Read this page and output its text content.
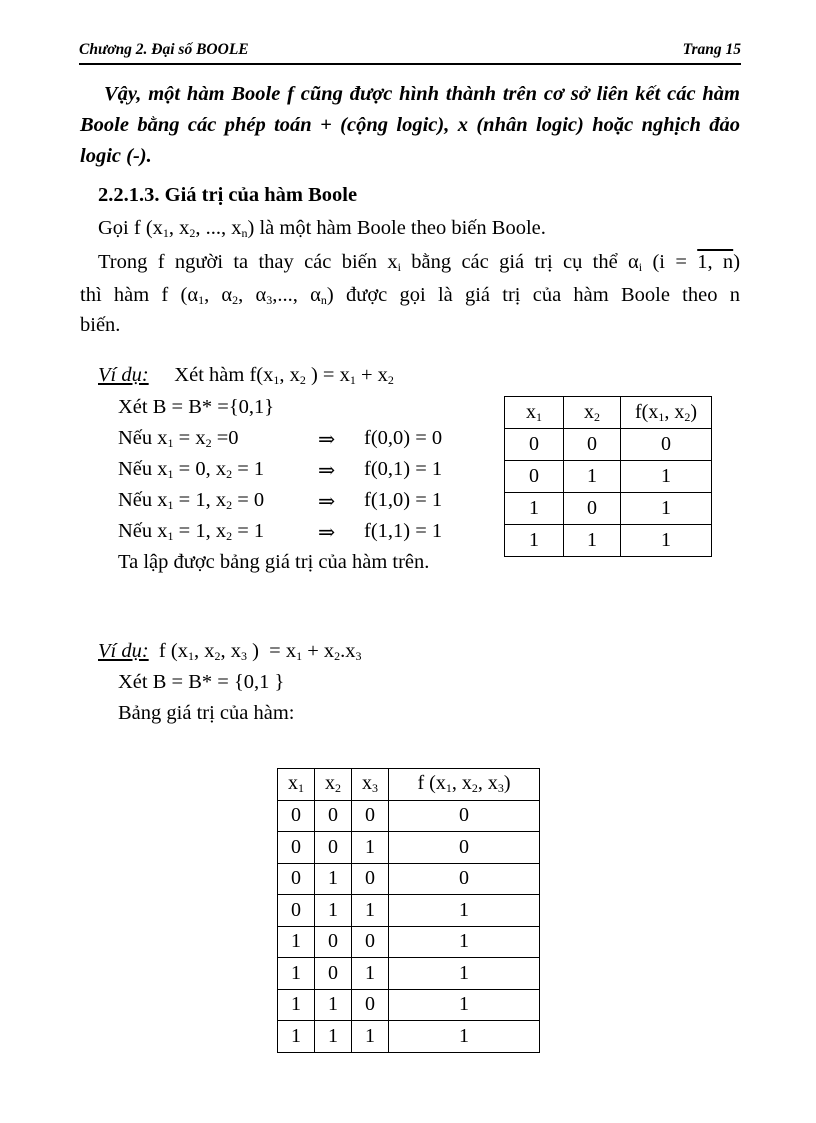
Chương 2. Đại số BOOLE	Trang 15
Vậy, một hàm Boole f cũng được hình thành trên cơ sở liên kết các hàm Boole bằng các phép toán + (cộng logic), x (nhân logic) hoặc nghịch đảo logic (-).
2.2.1.3. Giá trị của hàm Boole
Gọi f ($x_1$, $x_2$, ..., $x_n$) là một hàm Boole theo biến Boole.
Trong f người ta thay các biến $x_i$ bằng các giá trị cụ thể $\alpha_i$ (i = 1, n)
thì hàm f ($\alpha_1$, $\alpha_2$, $\alpha_3$,..., $\alpha_n$) được gọi là giá trị của hàm Boole theo n
biến.
Ví dụ:     Xét hàm $f(x_1$, $x_2$ ) = $x_1 + x_2$
Xét B = B* ={0,1}
Nếu $x_1 = x_2 =0$	⇒ f(0,0) = 0
Nếu $x_1 = 0$, $x_2 = 1$	⇒ f(0,1) = 1
Nếu $x_1 = 1$, $x_2 = 0$	⇒ f(1,0) = 1
Nếu $x_1 = 1$, $x_2 = 1$	⇒ f(1,1) = 1
Ta lập được bảng giá trị của hàm trên.
$x_1$	$x_2$	$f(x_1$, $x_2$)
0	0	0
0	1	1
1	0	1
1	1	1
Ví dụ:  f ($x_1$, $x_2$, $x_3$ )  = $x_1 + x_2.x_3$
Xét B = B* = {0,1 }
Bảng giá trị của hàm:
$x_1$	$x_2$	$x_3$	f ($x_1$, $x_2$, $x_3$)
0	0	0	0
0	0	1	0
0	1	0	0
0	1	1	1
1	0	0	1
1	0	1	1
1	1	0	1
1	1	1	1
